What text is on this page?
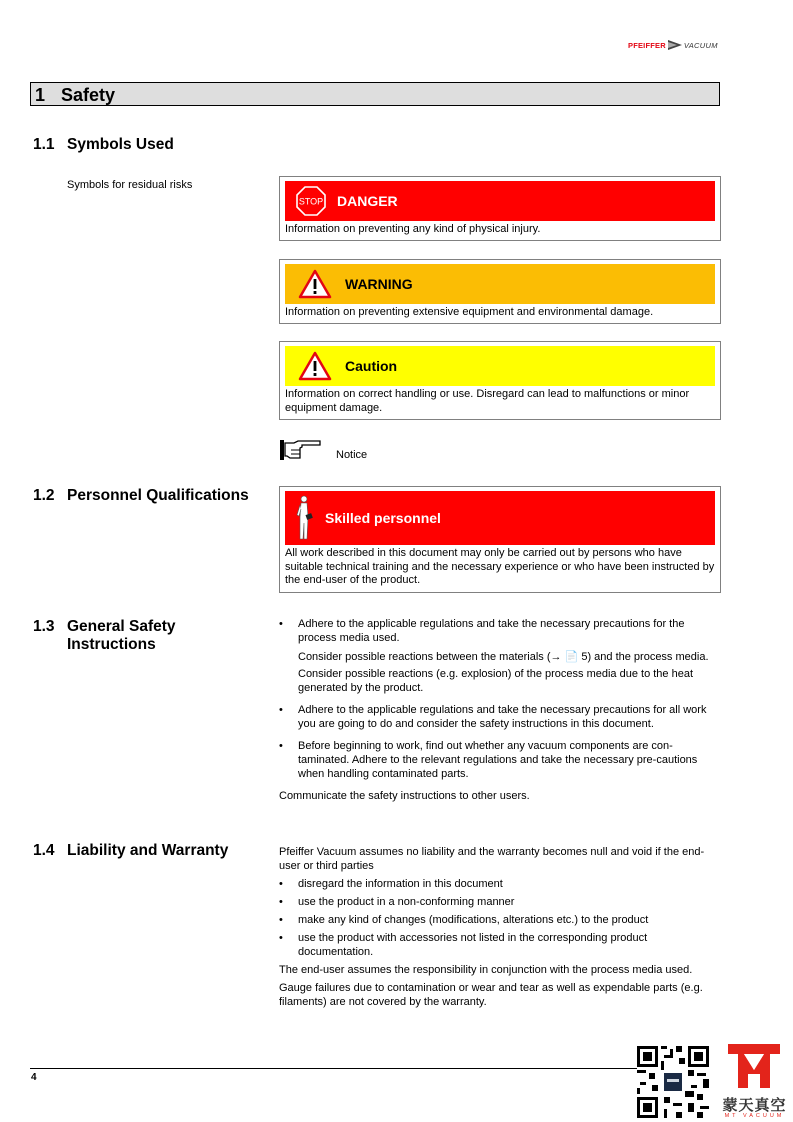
PFEIFFER VACUUM
1 Safety
1.1 Symbols Used
Symbols for residual risks
STOP DANGER
Information on preventing any kind of physical injury.
WARNING
Information on preventing extensive equipment and environmental damage.
Caution
Information on correct handling or use. Disregard can lead to malfunctions or minor equipment damage.
Notice
1.2 Personnel Qualifications
Skilled personnel
All work described in this document may only be carried out by persons who have suitable technical training and the necessary experience or who have been instructed by the end-user of the product.
1.3 General Safety
Instructions
• Adhere to the applicable regulations and take the necessary precautions for the process media used.
Consider possible reactions between the materials (→ 📄 5) and the process media.
Consider possible reactions (e.g. explosion) of the process media due to the heat generated by the product.
• Adhere to the applicable regulations and take the necessary precautions for all work you are going to do and consider the safety instructions in this document.
• Before beginning to work, find out whether any vacuum components are con-taminated. Adhere to the relevant regulations and take the necessary pre-cautions when handling contaminated parts.
Communicate the safety instructions to other users.
1.4 Liability and Warranty	Pfeiffer Vacuum assumes no liability and the warranty becomes null and void if the end-user or third parties
• disregard the information in this document
• use the product in a non-conforming manner
• make any kind of changes (modifications, alterations etc.) to the product
• use the product with accessories not listed in the corresponding product documentation.
The end-user assumes the responsibility in conjunction with the process media used.
Gauge failures due to contamination or wear and tear as well as expendable parts (e.g. filaments) are not covered by the warranty.
4
蒙天真空
MT VACUUM
